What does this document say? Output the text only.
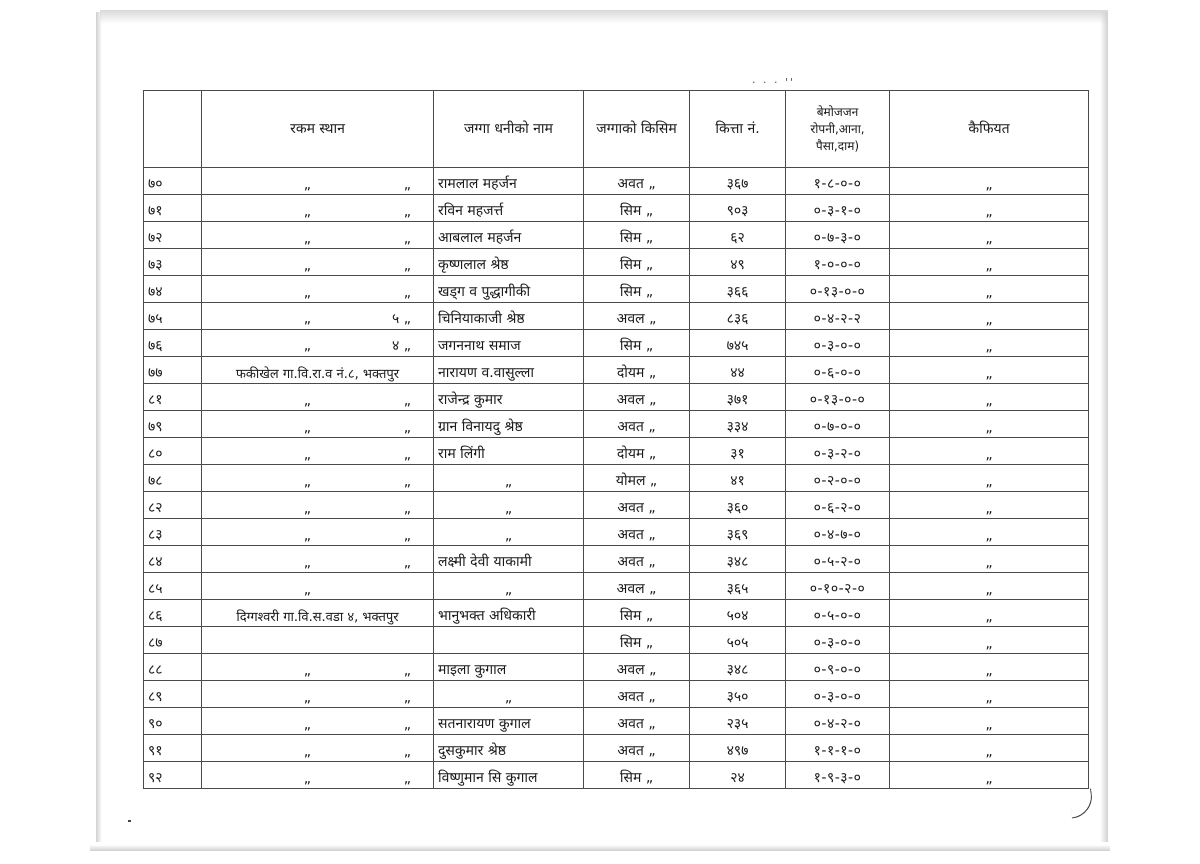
· · · ''
	रकम स्थान	जग्गा धनीको नाम	जग्गाको किसिम	कित्ता नं.	बेमोजजन रोपनी,आना, पैसा,दाम)	कैफियत
७०	„ „	रामलाल महर्जन	अवत „	३६७	१-८-०-०	„
७१	„ „	रविन महजर्त्त	सिम „	९०३	०-३-१-०	„
७२	„ „	आबलाल महर्जन	सिम „	६२	०-७-३-०	„
७३	„ „	कृष्णलाल श्रेष्ठ	सिम „	४९	१-०-०-०	„
७४	„ „	खड्ग व पुद्धागीकी	सिम „	३६६	०-१३-०-०	„
७५	„ ५ „	चिनियाकाजी श्रेष्ठ	अवल „	८३६	०-४-२-२	„
७६	„ ४ „	जगननाथ समाज	सिम „	७४५	०-३-०-०	„
७७	फकीखेल गा.वि.रा.व नं.८, भक्तपुर	नारायण व.वासुल्ला	दोयम „	४४	०-६-०-०	„
८१	„ „	राजेन्द्र कुमार	अवल „	३७१	०-१३-०-०	„
७९	„ „	ग्रान विनायदु श्रेष्ठ	अवत „	३३४	०-७-०-०	„
८०	„ „	राम लिंगी	दोयम „	३१	०-३-२-०	„
७८	„ „	„	योमल „	४१	०-२-०-०	„
८२	„ „	„	अवत „	३६०	०-६-२-०	„
८३	„ „	„	अवत „	३६९	०-४-७-०	„
८४	„ „	लक्ष्मी देवी याकामी	अवत „	३४८	०-५-२-०	„
८५	„	„	अवल „	३६५	०-१०-२-०	„
८६	दिग्गश्वरी गा.वि.स.वडा ४, भक्तपुर	भानुभक्त अधिकारी	सिम „	५०४	०-५-०-०	„
८७			सिम „	५०५	०-३-०-०	„
८८	„ „	माइला कुगाल	अवल „	३४८	०-९-०-०	„
८९	„ „	„	अवत „	३५०	०-३-०-०	„
९०	„ „	सतनारायण कुगाल	अवत „	२३५	०-४-२-०	„
९१	„ „	दुसकुमार श्रेष्ठ	अवत „	४९७	१-१-१-०	„
९२	„ „	विष्णुमान सि कुगाल	सिम „	२४	१-९-३-०	„
